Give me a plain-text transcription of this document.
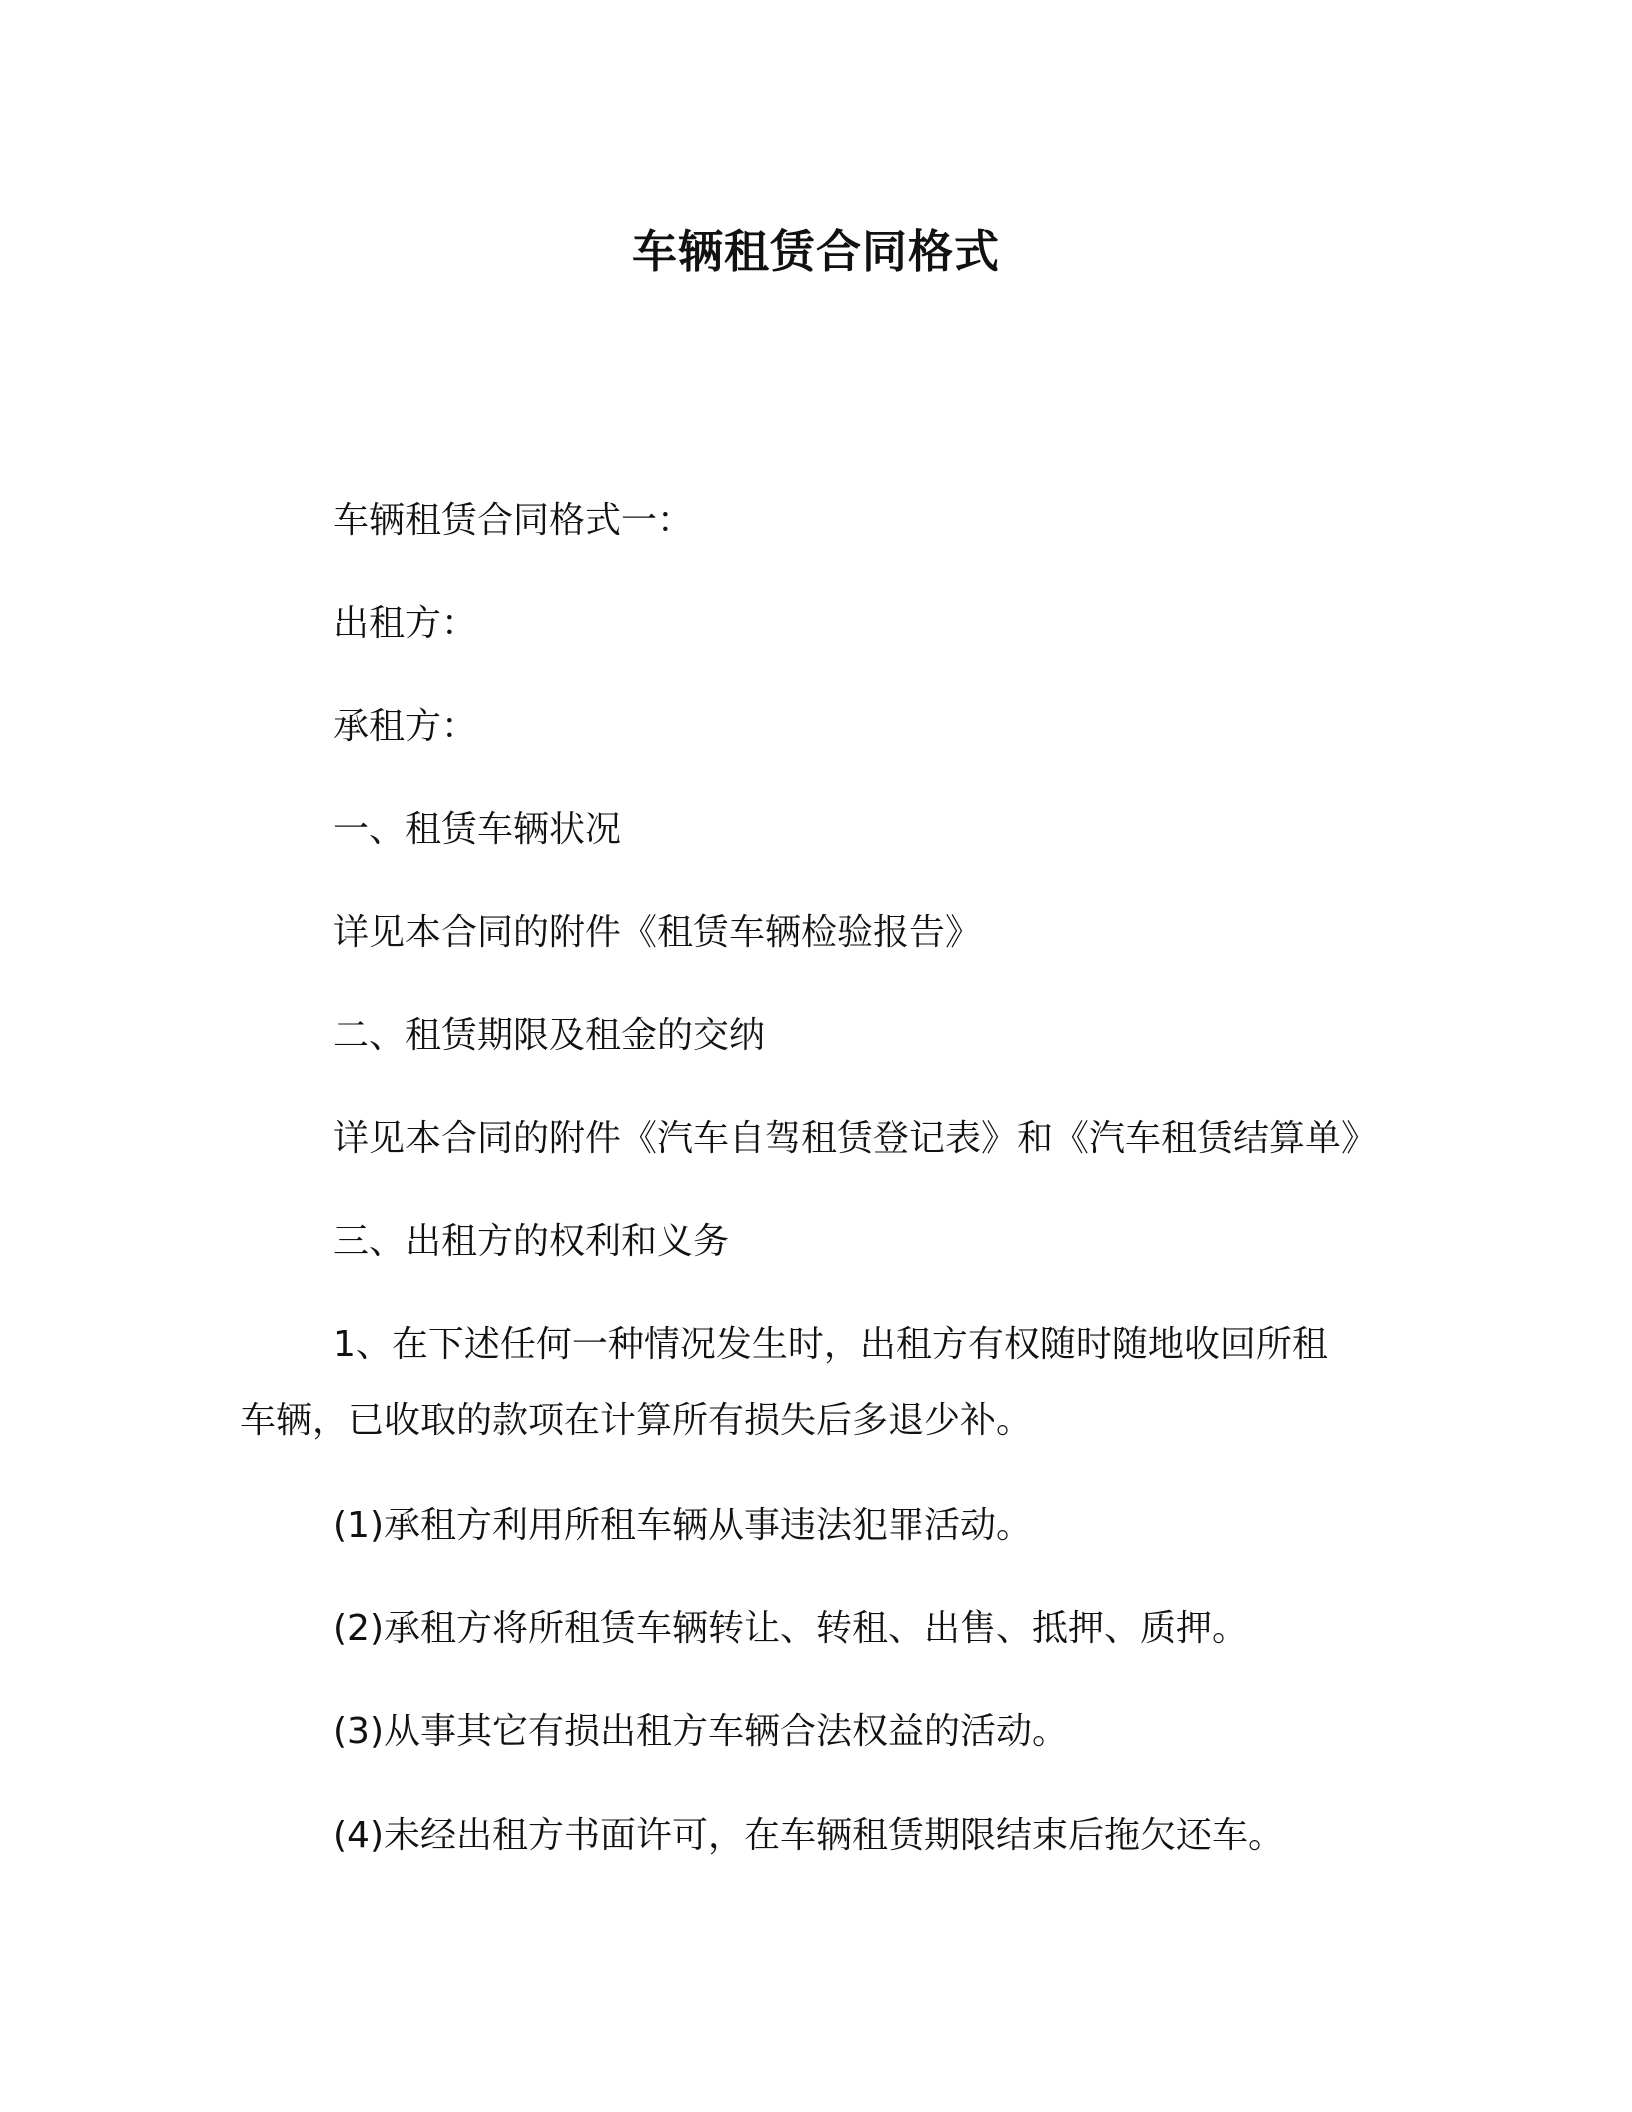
车辆租赁合同格式
车辆租赁合同格式一：
出租方：
承租方：
一、租赁车辆状况
详见本合同的附件《租赁车辆检验报告》
二、租赁期限及租金的交纳
详见本合同的附件《汽车自驾租赁登记表》和《汽车租赁结算单》
三、出租方的权利和义务
1、在下述任何一种情况发生时，出租方有权随时随地收回所租
车辆，已收取的款项在计算所有损失后多退少补。
(1)承租方利用所租车辆从事违法犯罪活动。
(2)承租方将所租赁车辆转让、转租、出售、抵押、质押。
(3)从事其它有损出租方车辆合法权益的活动。
(4)未经出租方书面许可，在车辆租赁期限结束后拖欠还车。
